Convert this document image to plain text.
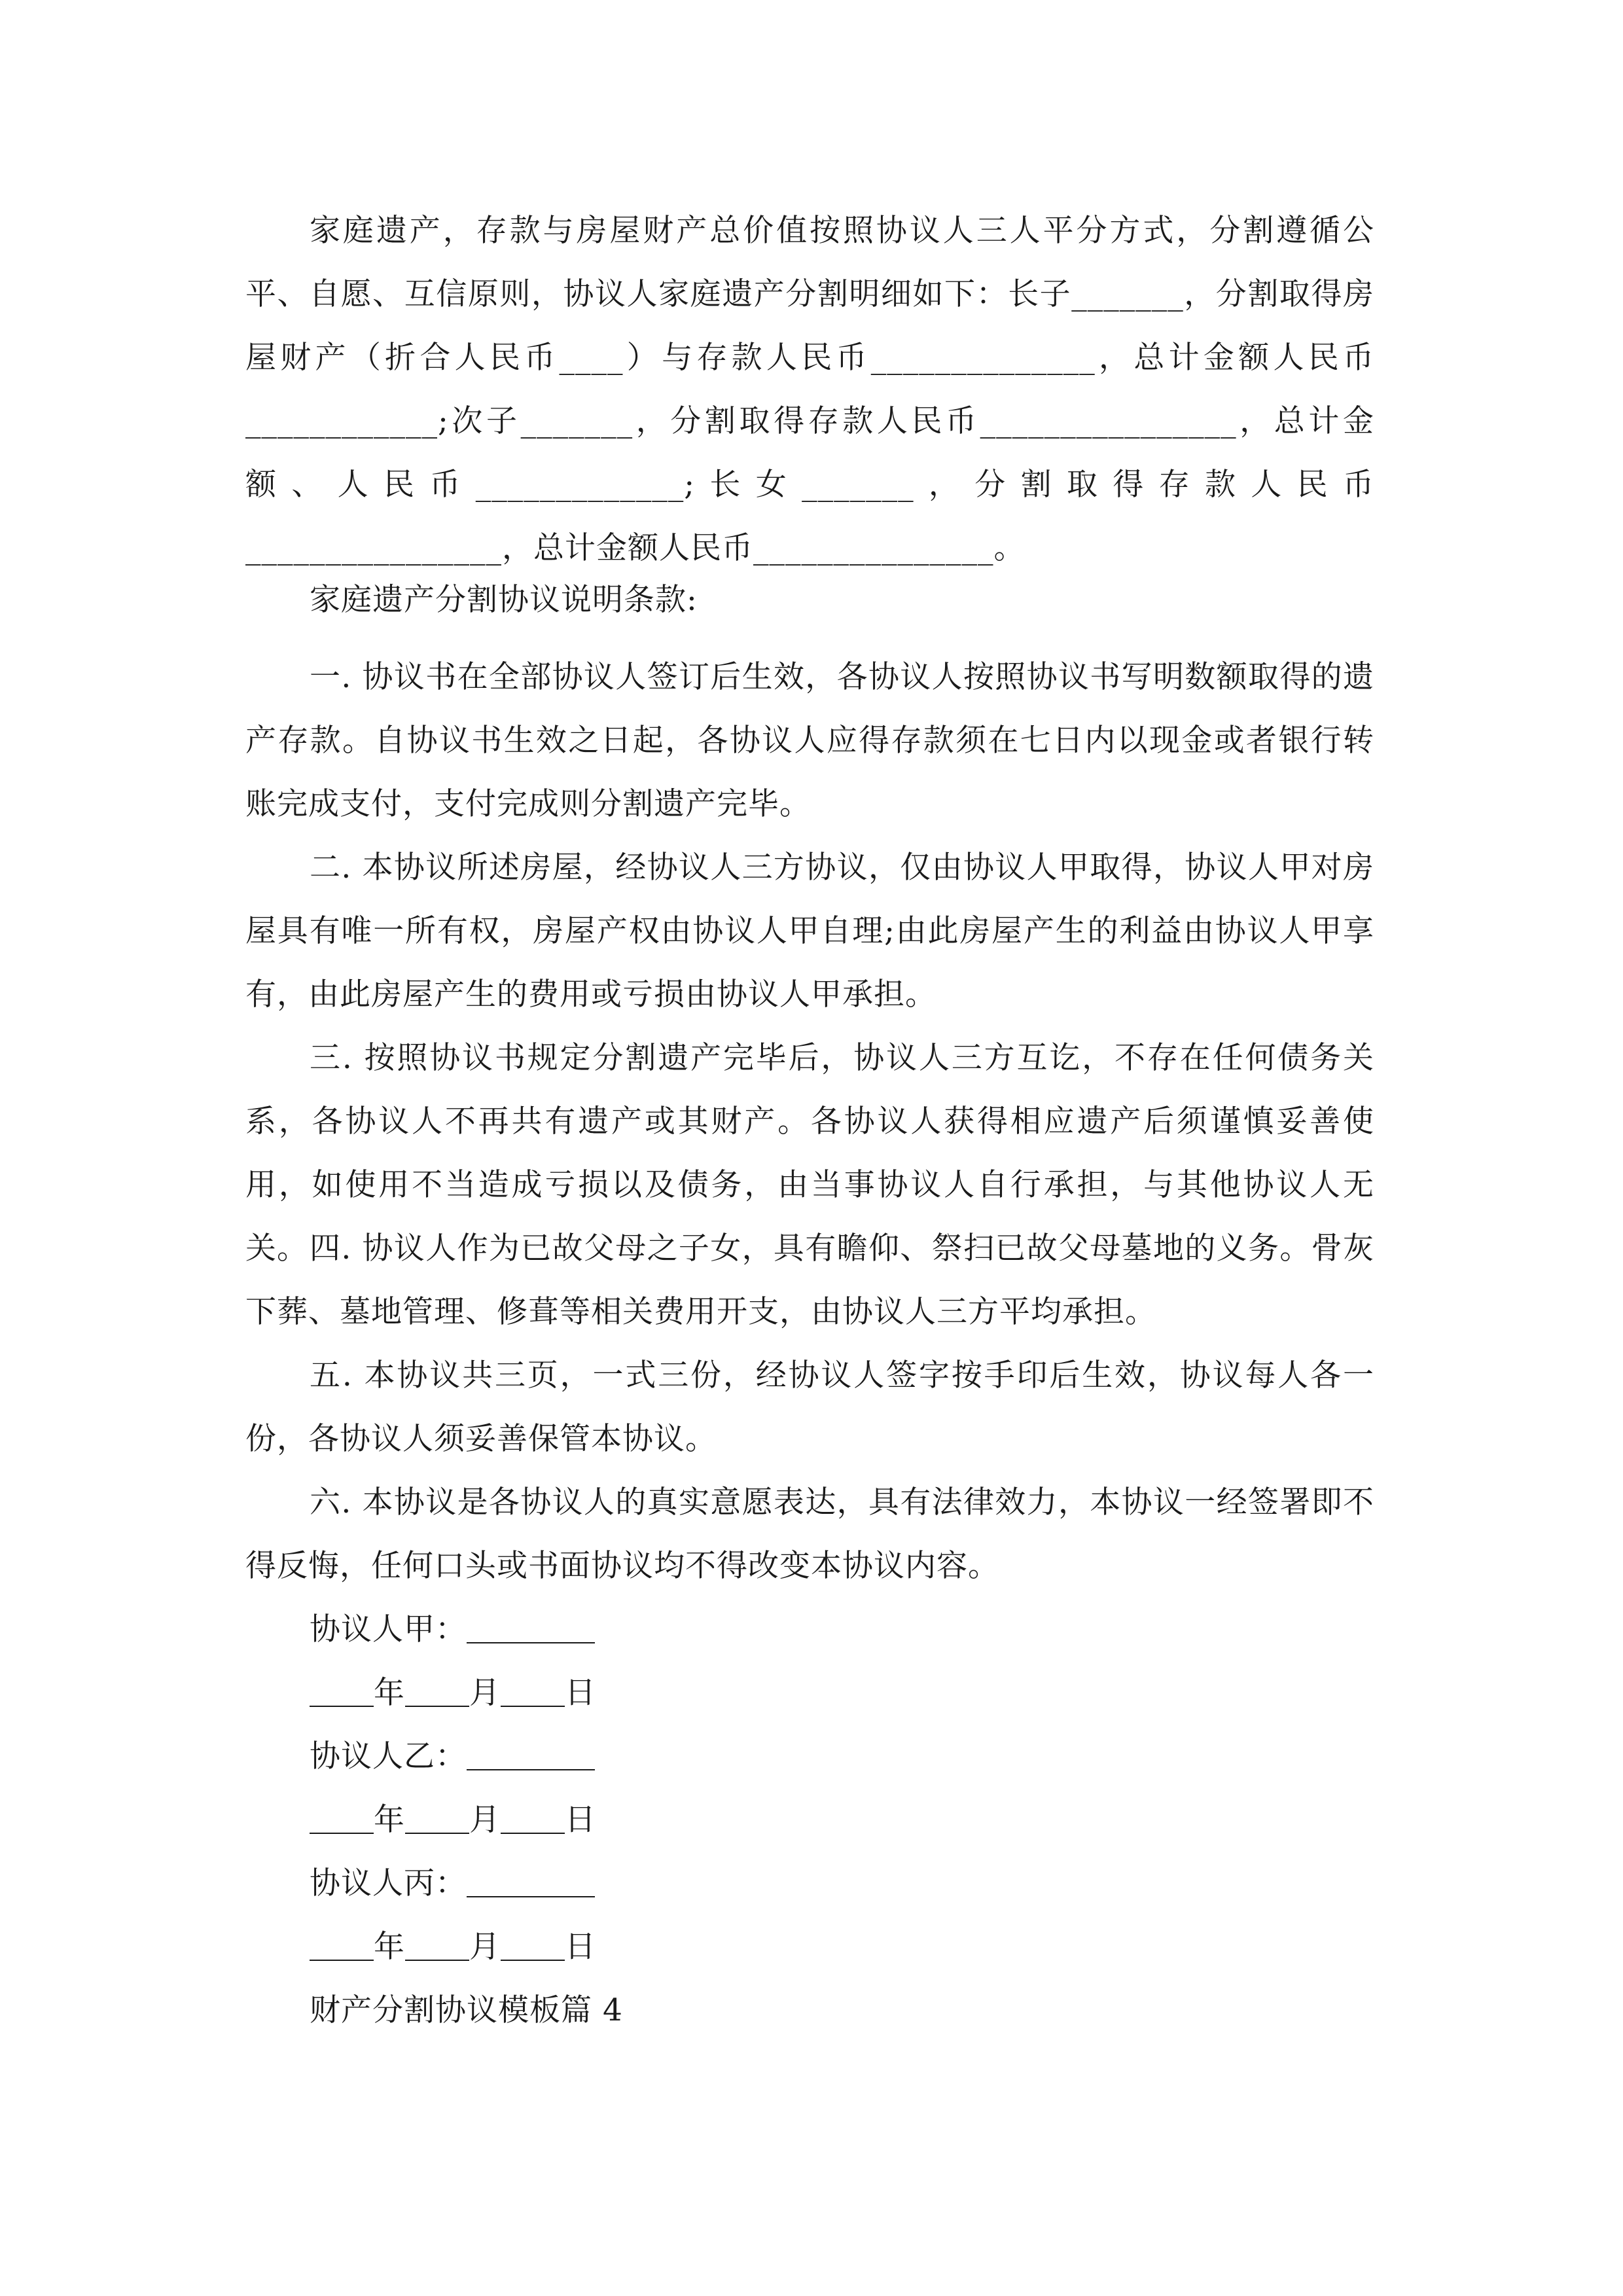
家庭遗产，存款与房屋财产总价值按照协议人三人平分方式，分割遵循公平、自愿、互信原则，协议人家庭遗产分割明细如下：长子_______，分割取得房屋财产（折合人民币____）与存款人民币______________，总计金额人民币____________;次子_______，分割取得存款人民币________________，总计金额、人民币_____________;长女_______，分割取得存款人民币________________，总计金额人民币_______________。

家庭遗产分割协议说明条款:

一. 协议书在全部协议人签订后生效，各协议人按照协议书写明数额取得的遗产存款。自协议书生效之日起，各协议人应得存款须在七日内以现金或者银行转账完成支付，支付完成则分割遗产完毕。

二. 本协议所述房屋，经协议人三方协议，仅由协议人甲取得，协议人甲对房屋具有唯一所有权，房屋产权由协议人甲自理;由此房屋产生的利益由协议人甲享有，由此房屋产生的费用或亏损由协议人甲承担。

三. 按照协议书规定分割遗产完毕后，协议人三方互讫，不存在任何债务关系，各协议人不再共有遗产或其财产。各协议人获得相应遗产后须谨慎妥善使用，如使用不当造成亏损以及债务，由当事协议人自行承担，与其他协议人无关。 四. 协议人作为已故父母之子女，具有瞻仰、祭扫已故父母墓地的义务。骨灰下葬、墓地管理、修葺等相关费用开支，由协议人三方平均承担。

五. 本协议共三页，一式三份，经协议人签字按手印后生效，协议每人各一份，各协议人须妥善保管本协议。

六. 本协议是各协议人的真实意愿表达，具有法律效力，本协议一经签署即不得反悔，任何口头或书面协议均不得改变本协议内容。

协议人甲：
年 月 日
协议人乙：
年 月 日
协议人丙：
年 月 日
财产分割协议模板篇 4
